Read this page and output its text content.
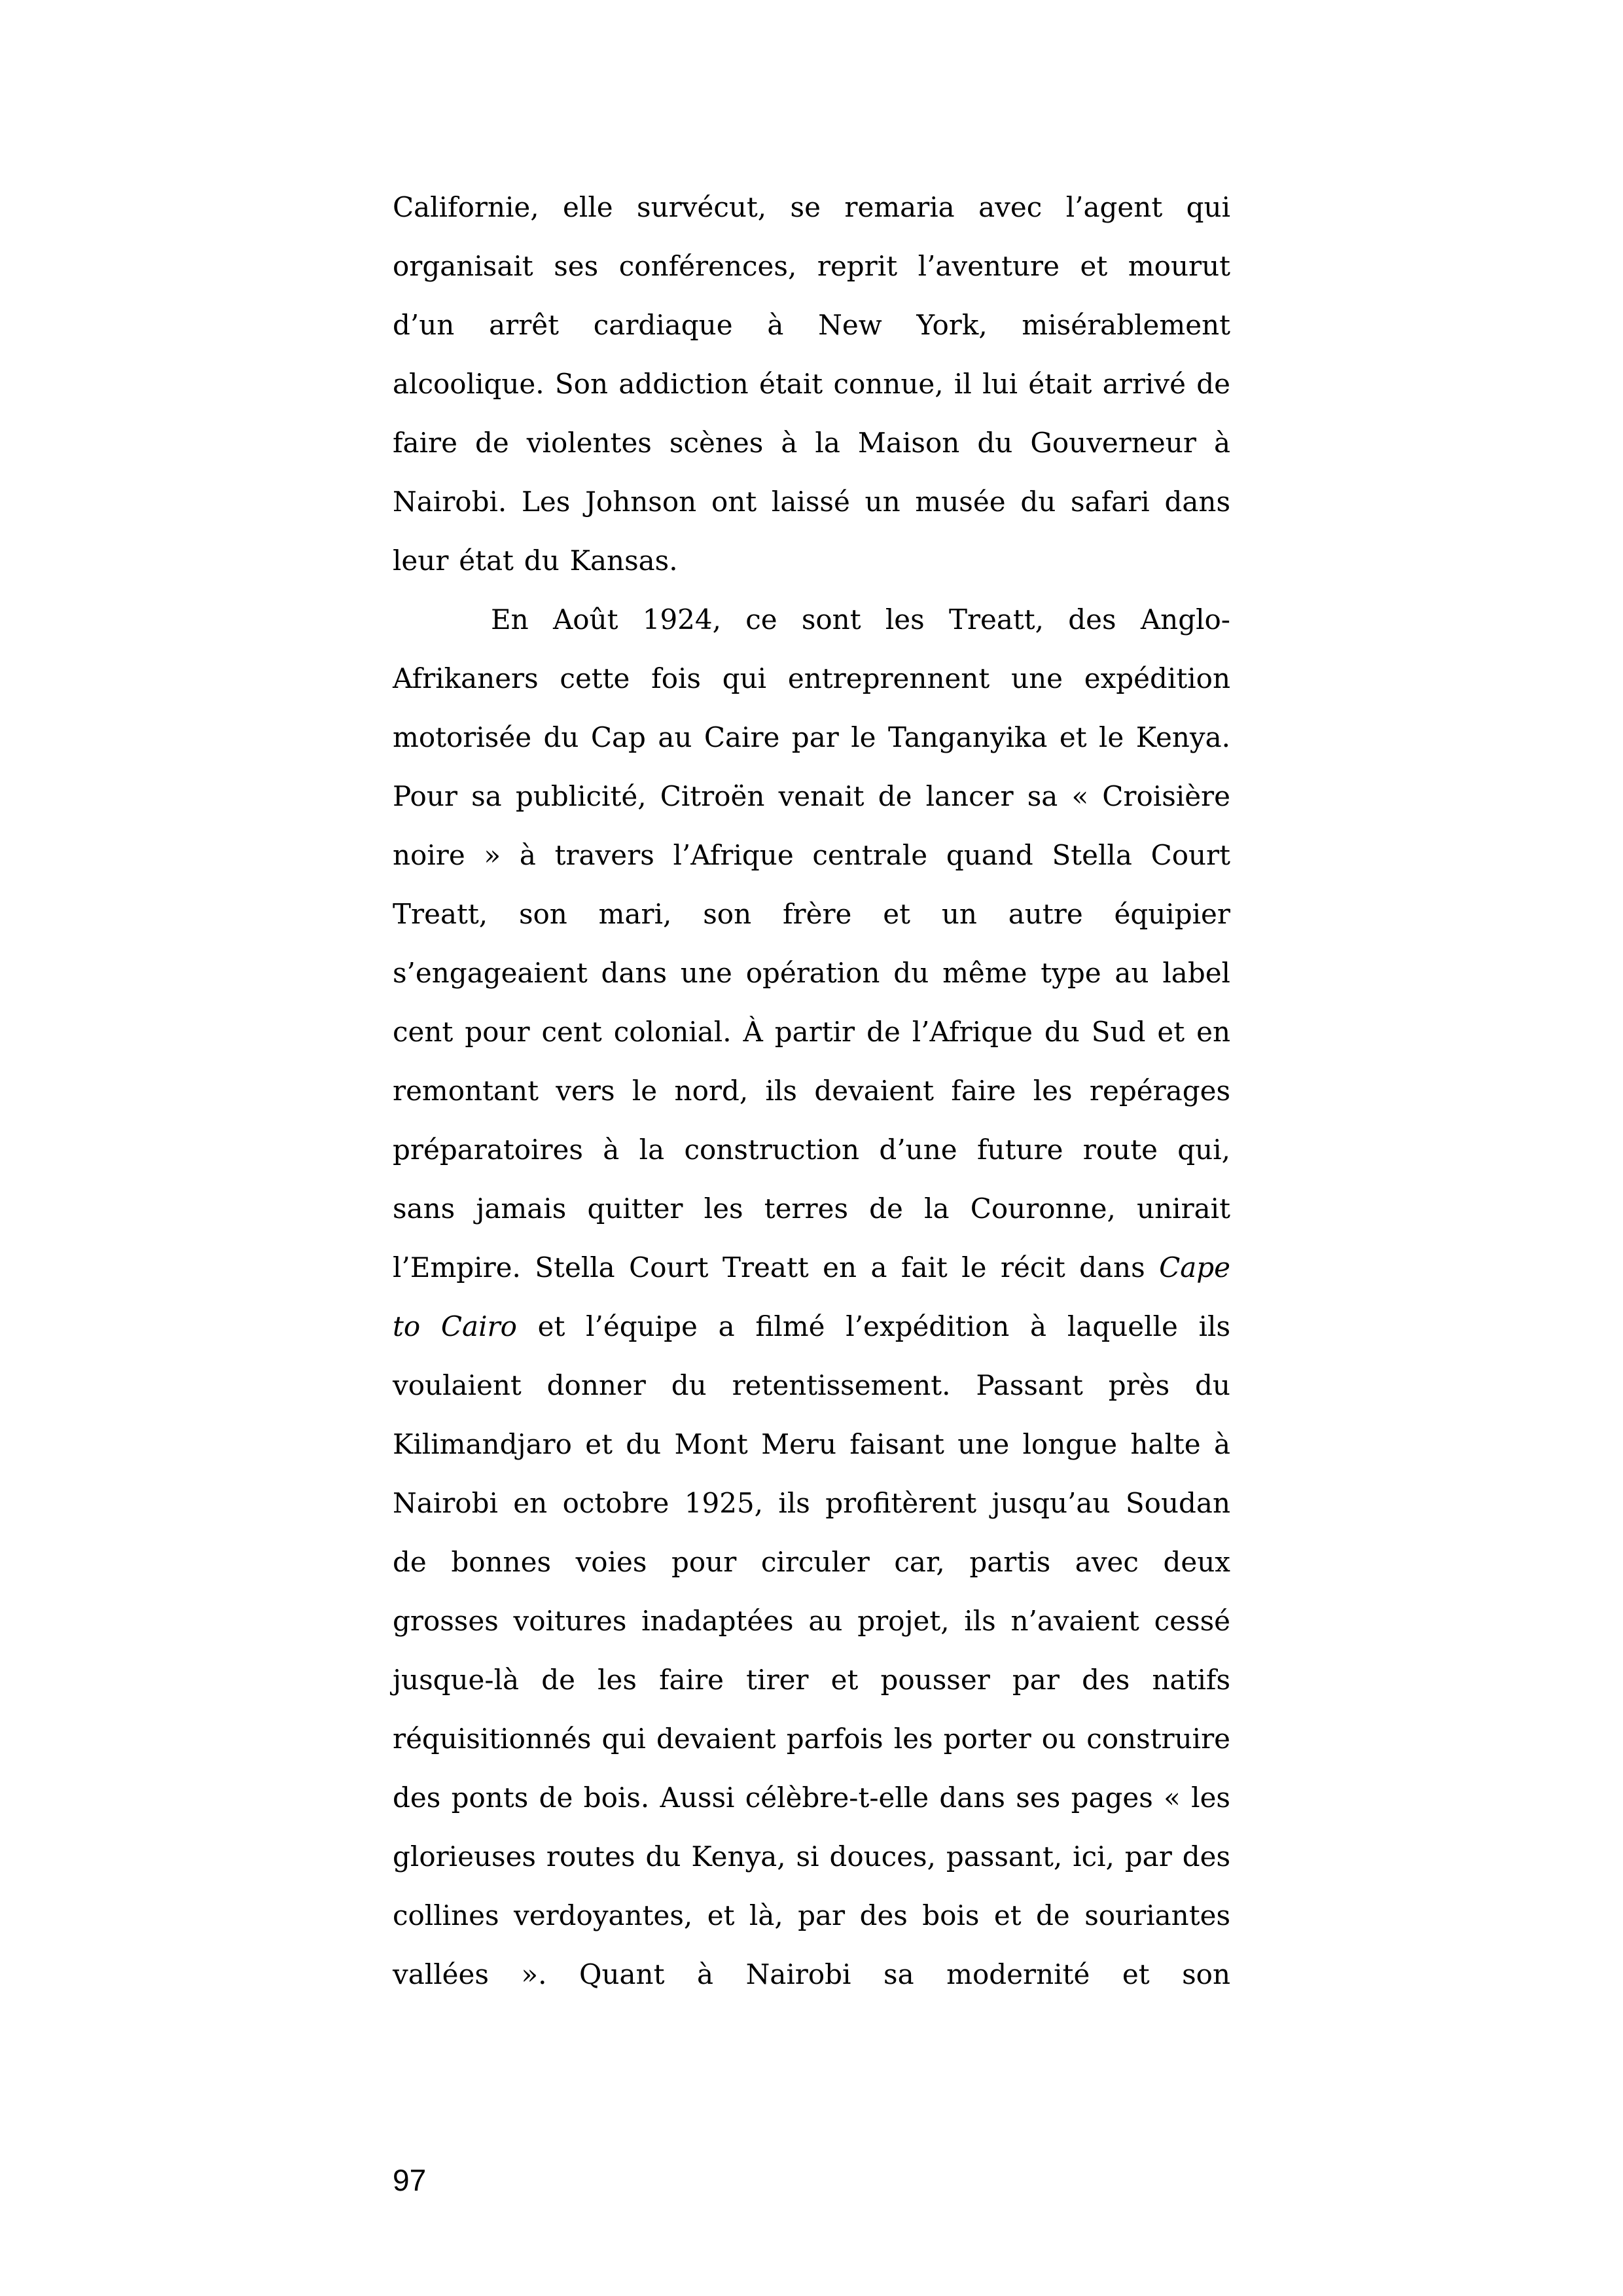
Californie, elle survécut, se remaria avec l’agent qui organisait ses conférences, reprit l’aventure et mourut d’un arrêt cardiaque à New York, misérablement alcoolique. Son addiction était connue, il lui était arrivé de faire de violentes scènes à la Maison du Gouverneur à Nairobi. Les Johnson ont laissé un musée du safari dans leur état du Kansas.

En Août 1924, ce sont les Treatt, des Anglo-Afrikaners cette fois qui entreprennent une expédition motorisée du Cap au Caire par le Tanganyika et le Kenya. Pour sa publicité, Citroën venait de lancer sa « Croisière noire » à travers l’Afrique centrale quand Stella Court Treatt, son mari, son frère et un autre équipier s’engageaient dans une opération du même type au label cent pour cent colonial. À partir de l’Afrique du Sud et en remontant vers le nord, ils devaient faire les repérages préparatoires à la construction d’une future route qui, sans jamais quitter les terres de la Couronne, unirait l’Empire. Stella Court Treatt en a fait le récit dans Cape to Cairo et l’équipe a filmé l’expédition à laquelle ils voulaient donner du retentissement. Passant près du Kilimandjaro et du Mont Meru faisant une longue halte à Nairobi en octobre 1925, ils profitèrent jusqu’au Soudan de bonnes voies pour circuler car, partis avec deux grosses voitures inadaptées au projet, ils n’avaient cessé jusque-là de les faire tirer et pousser par des natifs réquisitionnés qui devaient parfois les porter ou construire des ponts de bois. Aussi célèbre-t-elle dans ses pages « les glorieuses routes du Kenya, si douces, passant, ici, par des collines verdoyantes, et là, par des bois et de souriantes vallées ». Quant à Nairobi sa modernité et son

97
